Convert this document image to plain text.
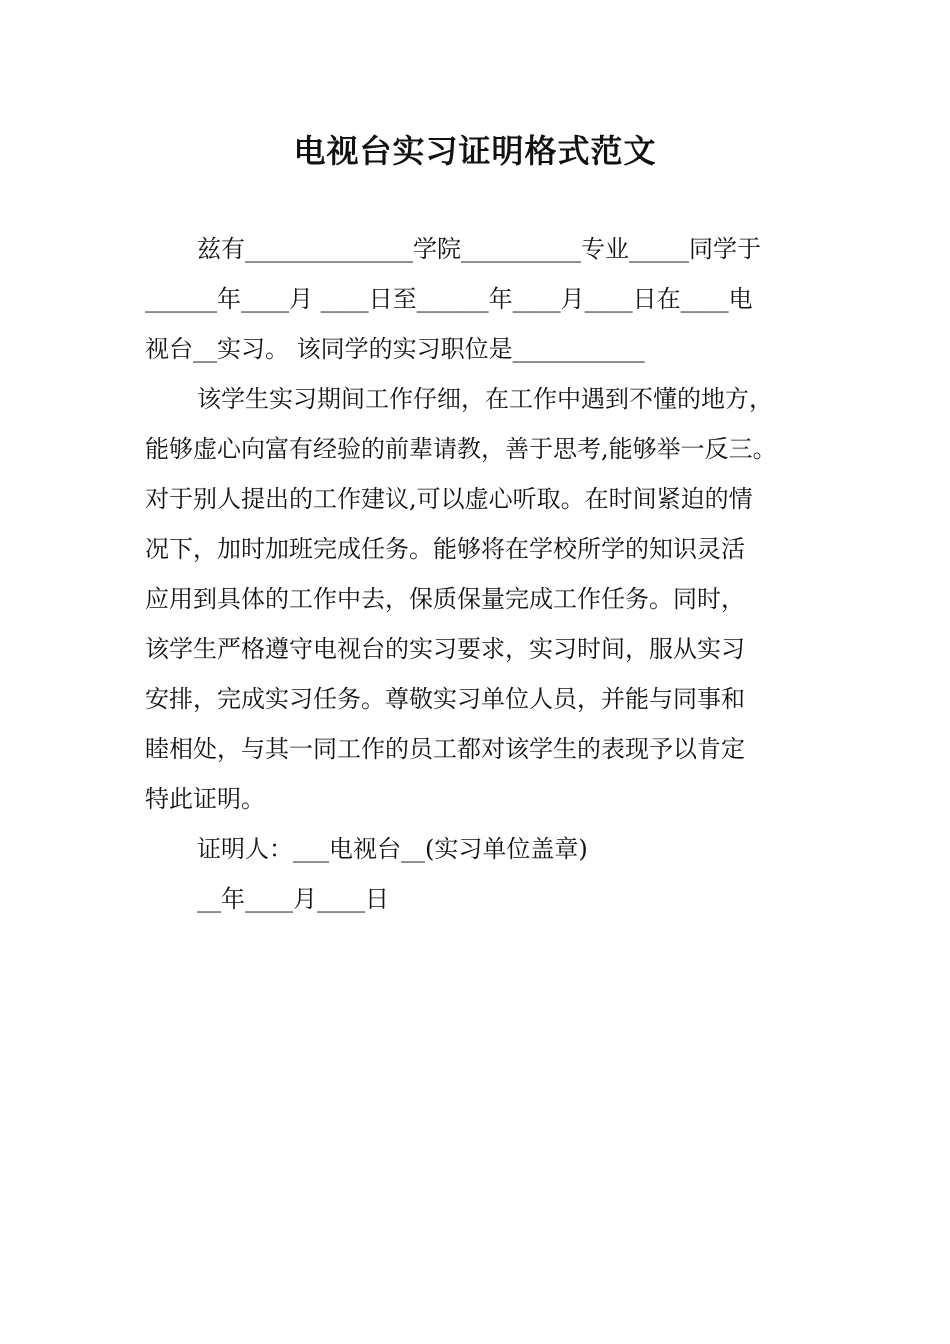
电视台实习证明格式范文
兹有______________学院__________专业_____同学于
______年____月 ____日至______年____月____日在____电
视台__实习。 该同学的实习职位是___________
该学生实习期间工作仔细，在工作中遇到不懂的地方，
能够虚心向富有经验的前辈请教，善于思考,能够举一反三。
对于别人提出的工作建议,可以虚心听取。在时间紧迫的情
况下，加时加班完成任务。能够将在学校所学的知识灵活
应用到具体的工作中去，保质保量完成工作任务。同时，
该学生严格遵守电视台的实习要求，实习时间，服从实习
安排，完成实习任务。尊敬实习单位人员，并能与同事和
睦相处，与其一同工作的员工都对该学生的表现予以肯定
特此证明。
证明人：___电视台__(实习单位盖章)
__年____月____日
